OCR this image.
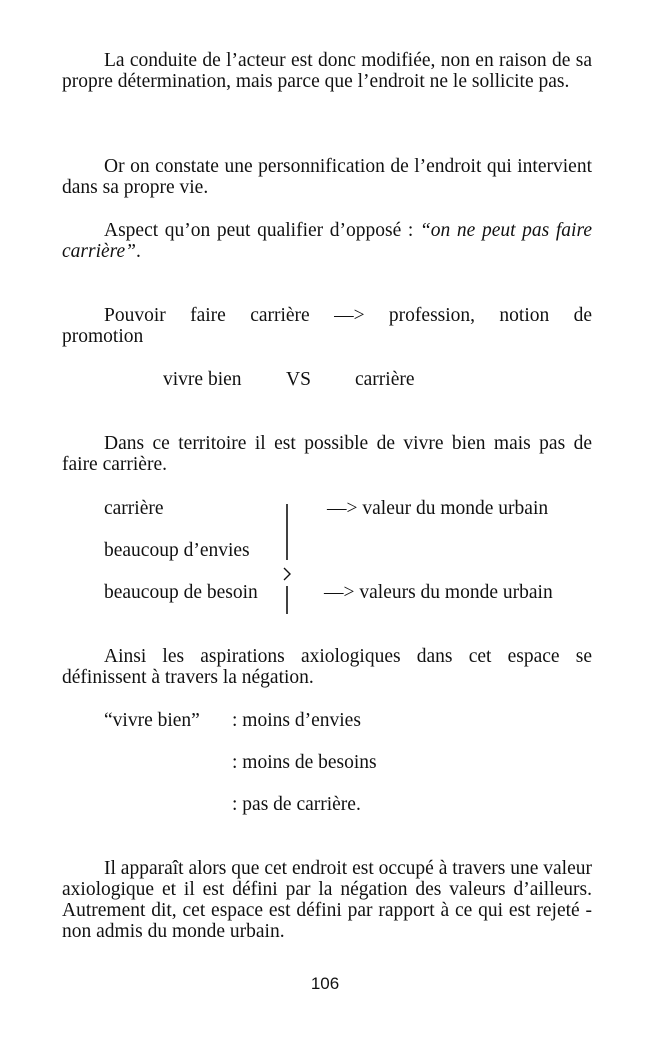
La conduite de l’acteur est donc modifiée, non en raison de sa propre détermination, mais parce que l’endroit ne le sollicite pas.

Or on constate une personnification de l’endroit qui intervient dans sa propre vie.

Aspect qu’on peut qualifier d’opposé : “on ne peut pas faire carrière”.

Pouvoir faire carrière —> profession, notion de promotion

vivre bien VS carrière

Dans ce territoire il est possible de vivre bien mais pas de faire carrière.

carrière
beaucoup d’envies
beaucoup de besoin
—> valeur du monde urbain
—> valeurs du monde urbain

Ainsi les aspirations axiologiques dans cet espace se définissent à travers la négation.

“vivre bien” : moins d’envies
: moins de besoins
: pas de carrière.

Il apparaît alors que cet endroit est occupé à travers une valeur axiologique et il est défini par la négation des valeurs d’ailleurs. Autrement dit, cet espace est défini par rapport à ce qui est rejeté - non admis du monde urbain.

106
